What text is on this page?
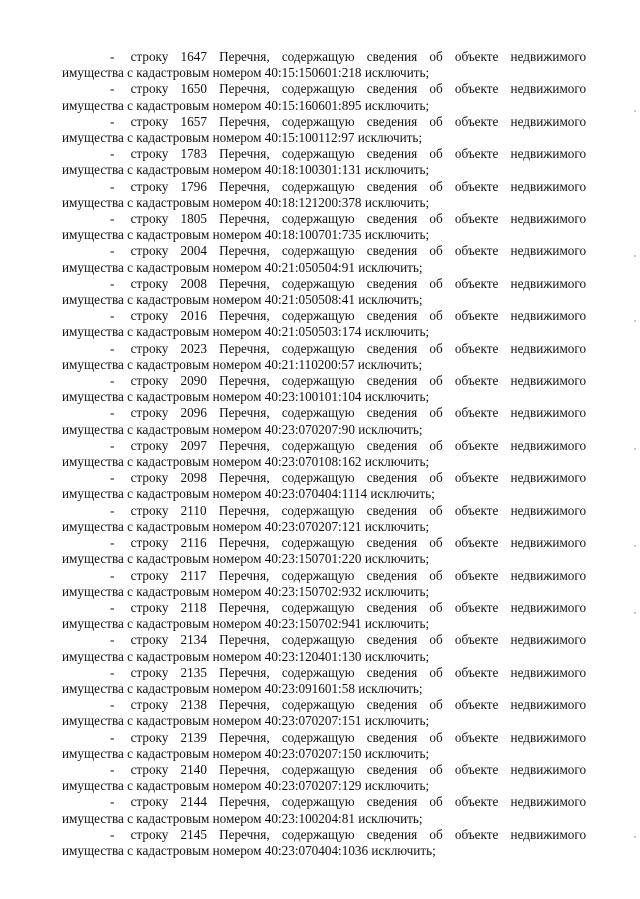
- строку 1647 Перечня, содержащую сведения об объекте недвижимого
имущества с кадастровым номером 40:15:150601:218 исключить;
- строку 1650 Перечня, содержащую сведения об объекте недвижимого
имущества с кадастровым номером 40:15:160601:895 исключить;
- строку 1657 Перечня, содержащую сведения об объекте недвижимого
имущества с кадастровым номером 40:15:100112:97 исключить;
- строку 1783 Перечня, содержащую сведения об объекте недвижимого
имущества с кадастровым номером 40:18:100301:131 исключить;
- строку 1796 Перечня, содержащую сведения об объекте недвижимого
имущества с кадастровым номером 40:18:121200:378 исключить;
- строку 1805 Перечня, содержащую сведения об объекте недвижимого
имущества с кадастровым номером 40:18:100701:735 исключить;
- строку 2004 Перечня, содержащую сведения об объекте недвижимого
имущества с кадастровым номером 40:21:050504:91 исключить;
- строку 2008 Перечня, содержащую сведения об объекте недвижимого
имущества с кадастровым номером 40:21:050508:41 исключить;
- строку 2016 Перечня, содержащую сведения об объекте недвижимого
имущества с кадастровым номером 40:21:050503:174 исключить;
- строку 2023 Перечня, содержащую сведения об объекте недвижимого
имущества с кадастровым номером 40:21:110200:57 исключить;
- строку 2090 Перечня, содержащую сведения об объекте недвижимого
имущества с кадастровым номером 40:23:100101:104 исключить;
- строку 2096 Перечня, содержащую сведения об объекте недвижимого
имущества с кадастровым номером 40:23:070207:90 исключить;
- строку 2097 Перечня, содержащую сведения об объекте недвижимого
имущества с кадастровым номером 40:23:070108:162 исключить;
- строку 2098 Перечня, содержащую сведения об объекте недвижимого
имущества с кадастровым номером 40:23:070404:1114 исключить;
- строку 2110 Перечня, содержащую сведения об объекте недвижимого
имущества с кадастровым номером 40:23:070207:121 исключить;
- строку 2116 Перечня, содержащую сведения об объекте недвижимого
имущества с кадастровым номером 40:23:150701:220 исключить;
- строку 2117 Перечня, содержащую сведения об объекте недвижимого
имущества с кадастровым номером 40:23:150702:932 исключить;
- строку 2118 Перечня, содержащую сведения об объекте недвижимого
имущества с кадастровым номером 40:23:150702:941 исключить;
- строку 2134 Перечня, содержащую сведения об объекте недвижимого
имущества с кадастровым номером 40:23:120401:130 исключить;
- строку 2135 Перечня, содержащую сведения об объекте недвижимого
имущества с кадастровым номером 40:23:091601:58 исключить;
- строку 2138 Перечня, содержащую сведения об объекте недвижимого
имущества с кадастровым номером 40:23:070207:151 исключить;
- строку 2139 Перечня, содержащую сведения об объекте недвижимого
имущества с кадастровым номером 40:23:070207:150 исключить;
- строку 2140 Перечня, содержащую сведения об объекте недвижимого
имущества с кадастровым номером 40:23:070207:129 исключить;
- строку 2144 Перечня, содержащую сведения об объекте недвижимого
имущества с кадастровым номером 40:23:100204:81 исключить;
- строку 2145 Перечня, содержащую сведения об объекте недвижимого
имущества с кадастровым номером 40:23:070404:1036 исключить;
